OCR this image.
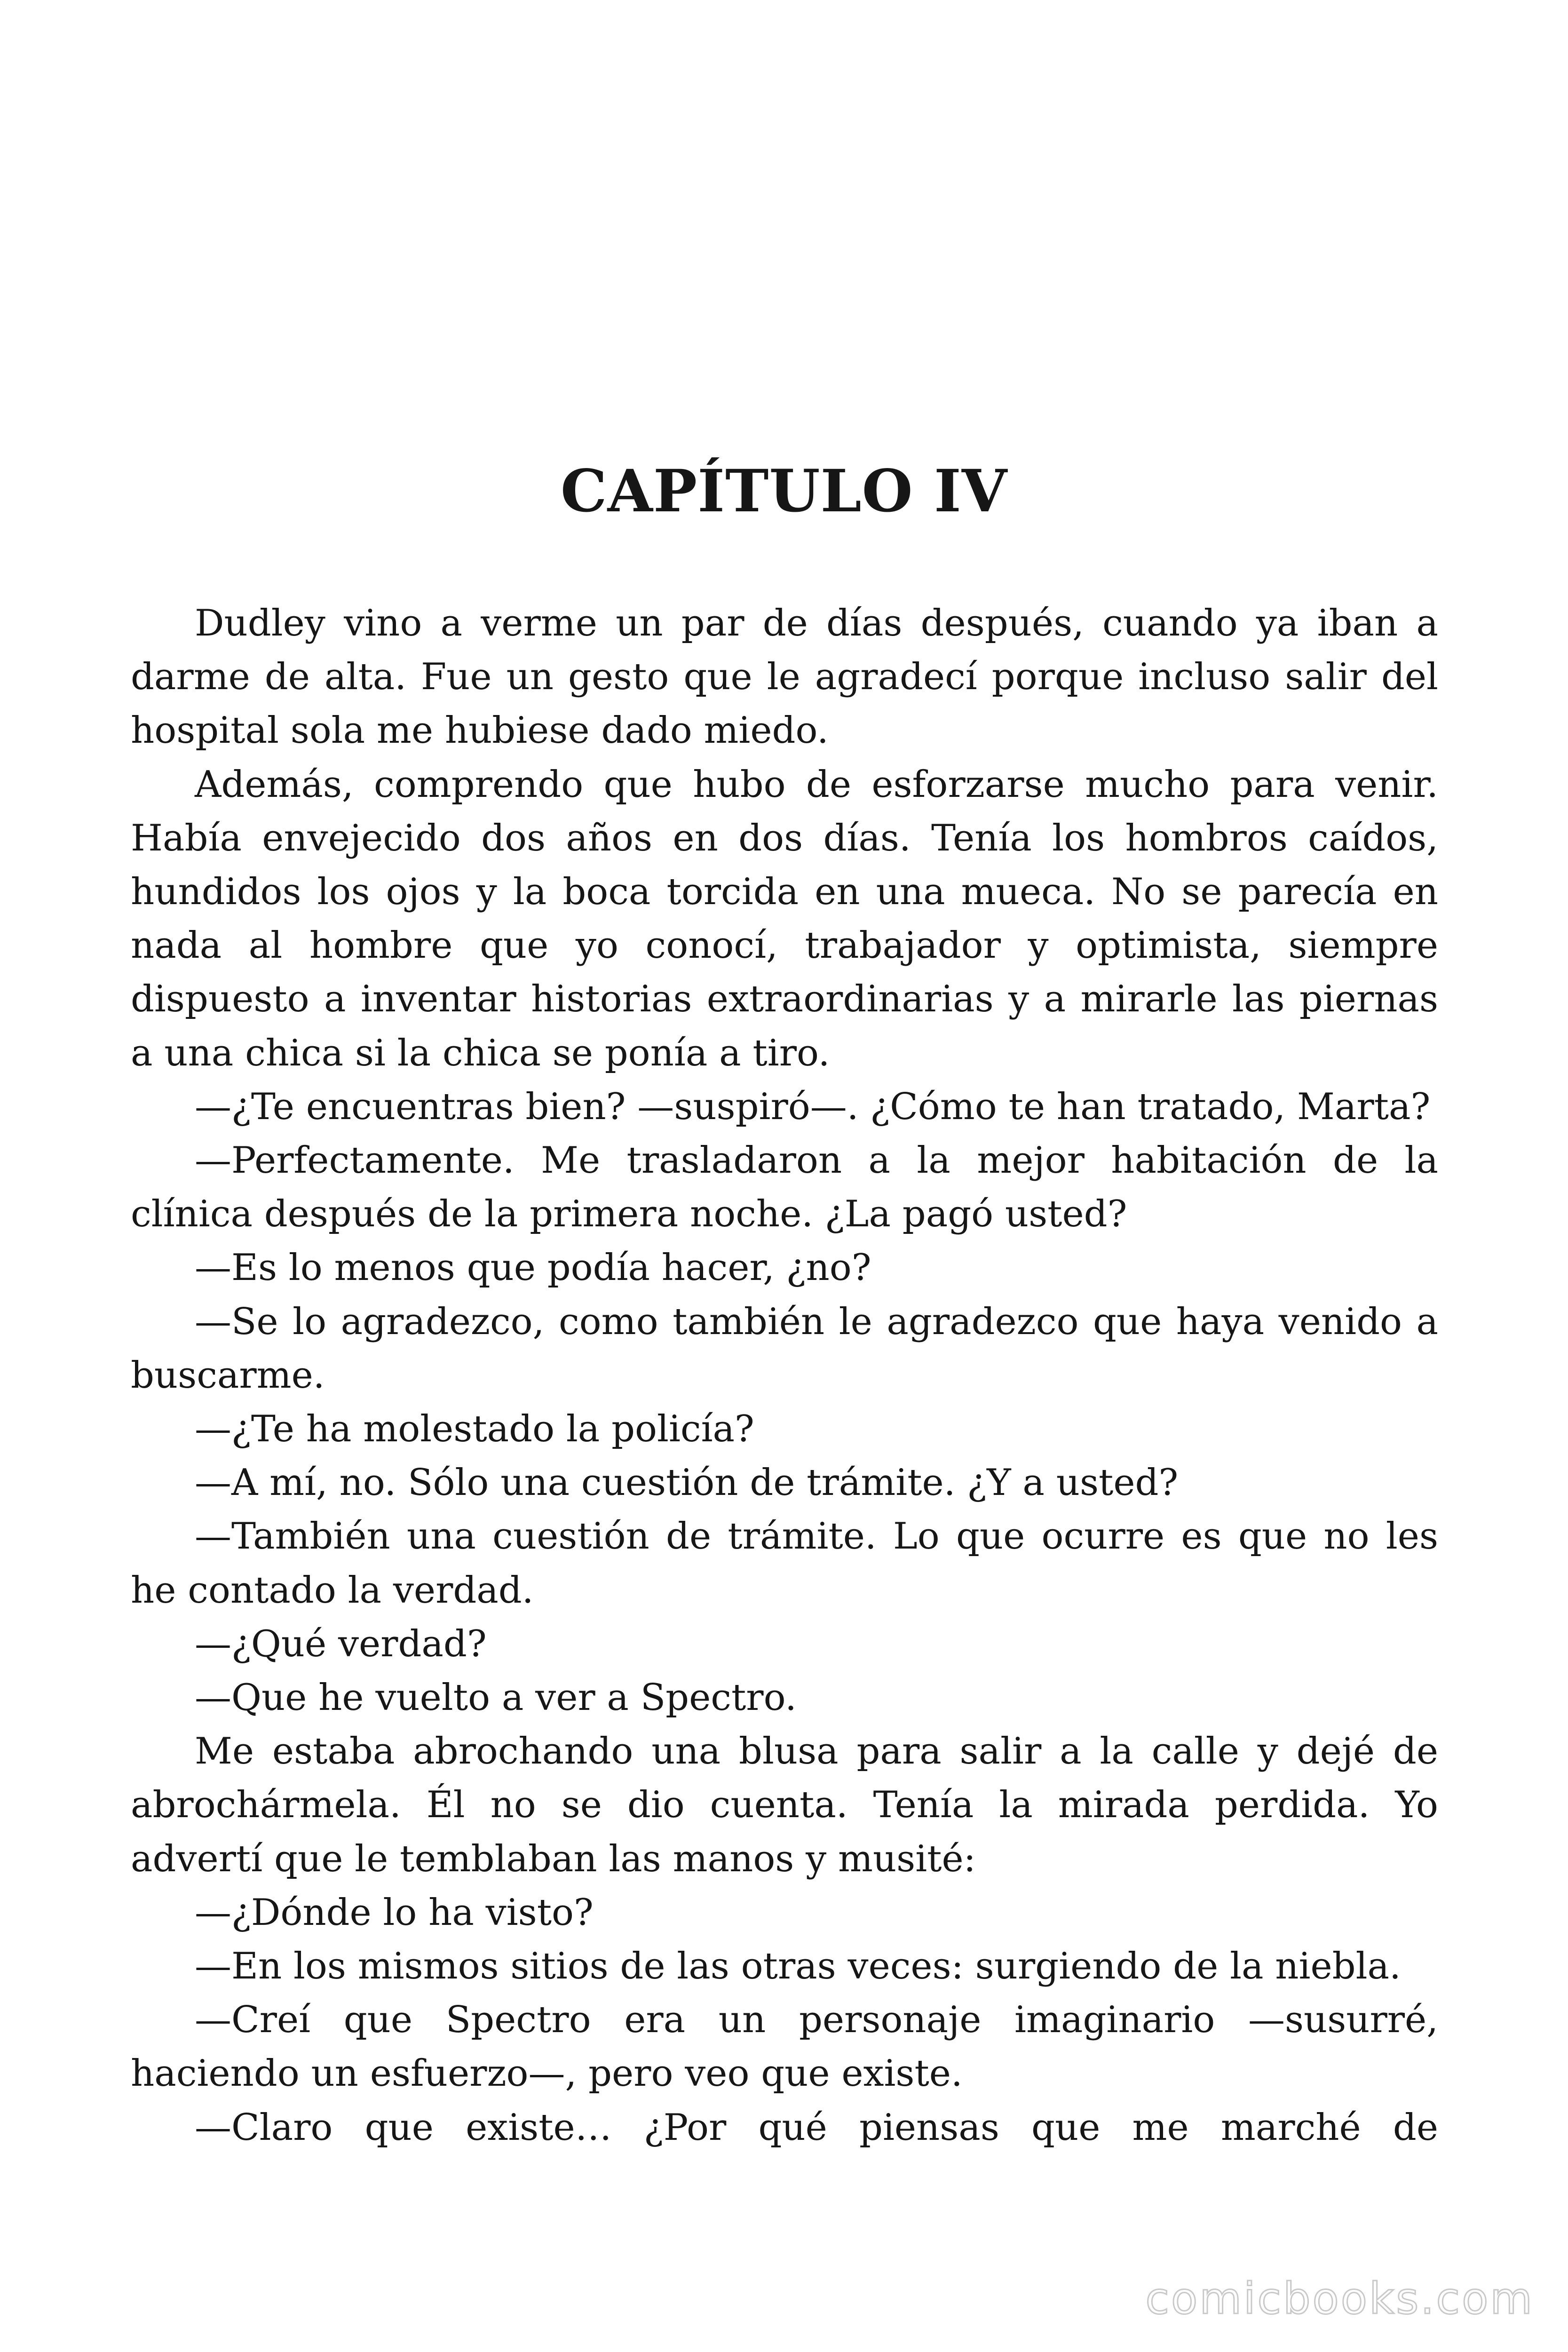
CAPÍTULO IV

Dudley vino a verme un par de días después, cuando ya iban a darme de alta. Fue un gesto que le agradecí porque incluso salir del hospital sola me hubiese dado miedo.

Además, comprendo que hubo de esforzarse mucho para venir. Había envejecido dos años en dos días. Tenía los hombros caídos, hundidos los ojos y la boca torcida en una mueca. No se parecía en nada al hombre que yo conocí, trabajador y optimista, siempre dispuesto a inventar historias extraordinarias y a mirarle las piernas a una chica si la chica se ponía a tiro.

—¿Te encuentras bien? —suspiró—. ¿Cómo te han tratado, Marta?

—Perfectamente. Me trasladaron a la mejor habitación de la clínica después de la primera noche. ¿La pagó usted?

—Es lo menos que podía hacer, ¿no?

—Se lo agradezco, como también le agradezco que haya venido a buscarme.

—¿Te ha molestado la policía?

—A mí, no. Sólo una cuestión de trámite. ¿Y a usted?

—También una cuestión de trámite. Lo que ocurre es que no les he contado la verdad.

—¿Qué verdad?

—Que he vuelto a ver a Spectro.

Me estaba abrochando una blusa para salir a la calle y dejé de abrochármela. Él no se dio cuenta. Tenía la mirada perdida. Yo advertí que le temblaban las manos y musité:

—¿Dónde lo ha visto?

—En los mismos sitios de las otras veces: surgiendo de la niebla.

—Creí que Spectro era un personaje imaginario —susurré, haciendo un esfuerzo—, pero veo que existe.

—Claro que existe… ¿Por qué piensas que me marché de

comicbooks.com
